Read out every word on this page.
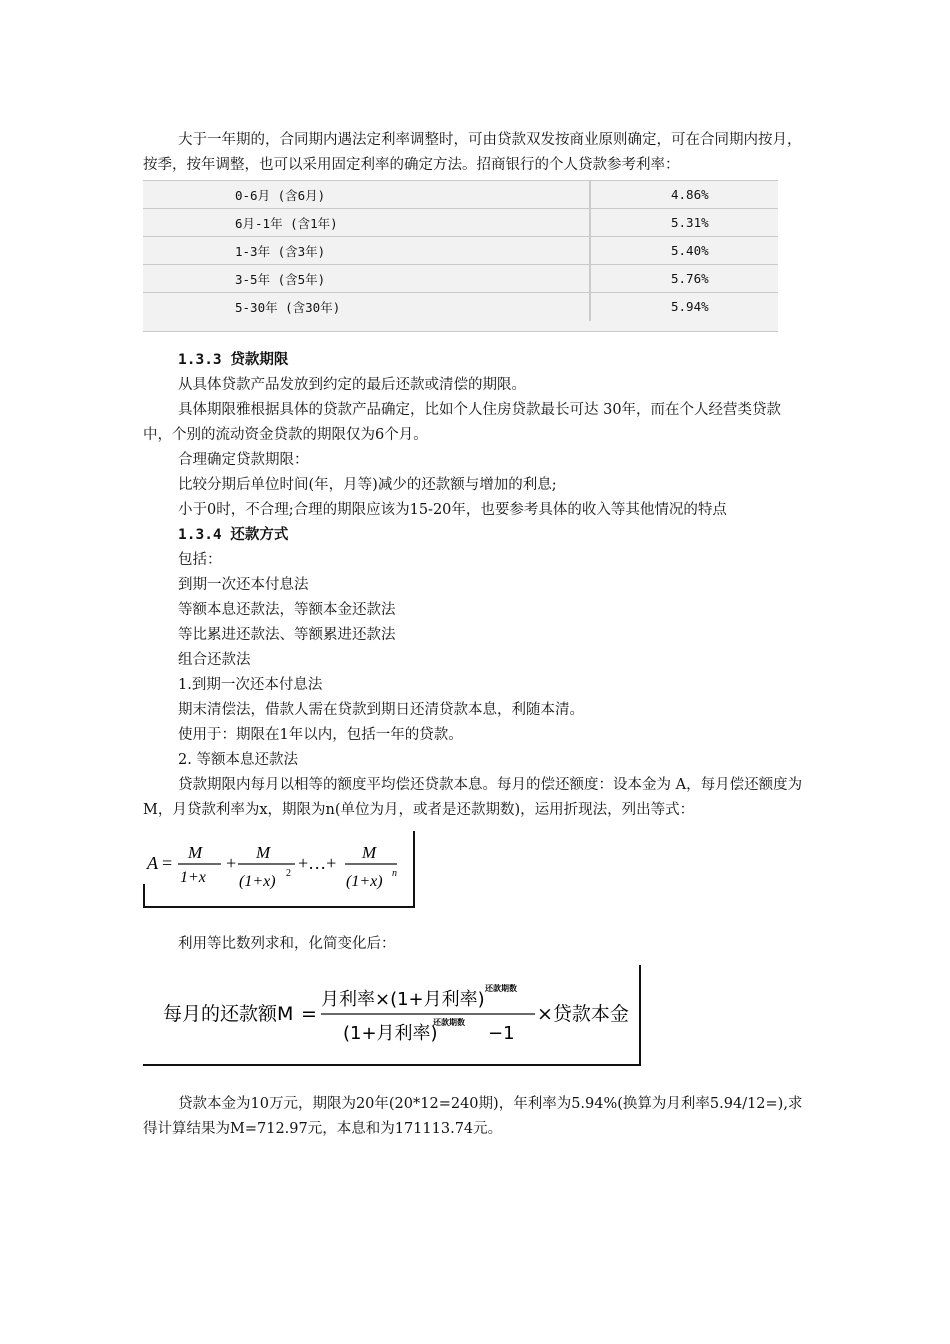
大于一年期的，合同期内遇法定利率调整时，可由贷款双发按商业原则确定，可在合同期内按月，按季，按年调整，也可以采用固定利率的确定方法。招商银行的个人贷款参考利率：

0-6月 (含6月)	4.86%
6月-1年 (含1年)	5.31%
1-3年 (含3年)	5.40%
3-5年 (含5年)	5.76%
5-30年 (含30年)	5.94%

1.3.3 贷款期限

从具体贷款产品发放到约定的最后还款或清偿的期限。

具体期限雅根据具体的贷款产品确定，比如个人住房贷款最长可达 30年，而在个人经营类贷款中，个别的流动资金贷款的期限仅为6个月。

合理确定贷款期限：

比较分期后单位时间(年，月等)减少的还款额与增加的利息;

小于0时，不合理;合理的期限应该为15-20年，也要参考具体的收入等其他情况的特点

1.3.4 还款方式

包括：

到期一次还本付息法

等额本息还款法，等额本金还款法

等比累进还款法、等额累进还款法

组合还款法

1.到期一次还本付息法

期末清偿法，借款人需在贷款到期日还清贷款本息，利随本清。

使用于：期限在1年以内，包括一年的贷款。

2. 等额本息还款法

贷款期限内每月以相等的额度平均偿还贷款本息。每月的偿还额度：设本金为 A，每月偿还额度为M，月贷款利率为x，期限为n(单位为月，或者是还款期数)，运用折现法，列出等式：

A =
M
1+x
+
M
(1+x) 2
+…+
M
(1+x) n

利用等比数列求和，化简变化后：

每月的还款额M =
月利率×(1+月利率)
还款期数
(1+月利率)
还款期数
−1
×贷款本金

贷款本金为10万元，期限为20年(20*12=240期)，年利率为5.94%(换算为月利率5.94/12=),求得计算结果为M=712.97元，本息和为171113.74元。
